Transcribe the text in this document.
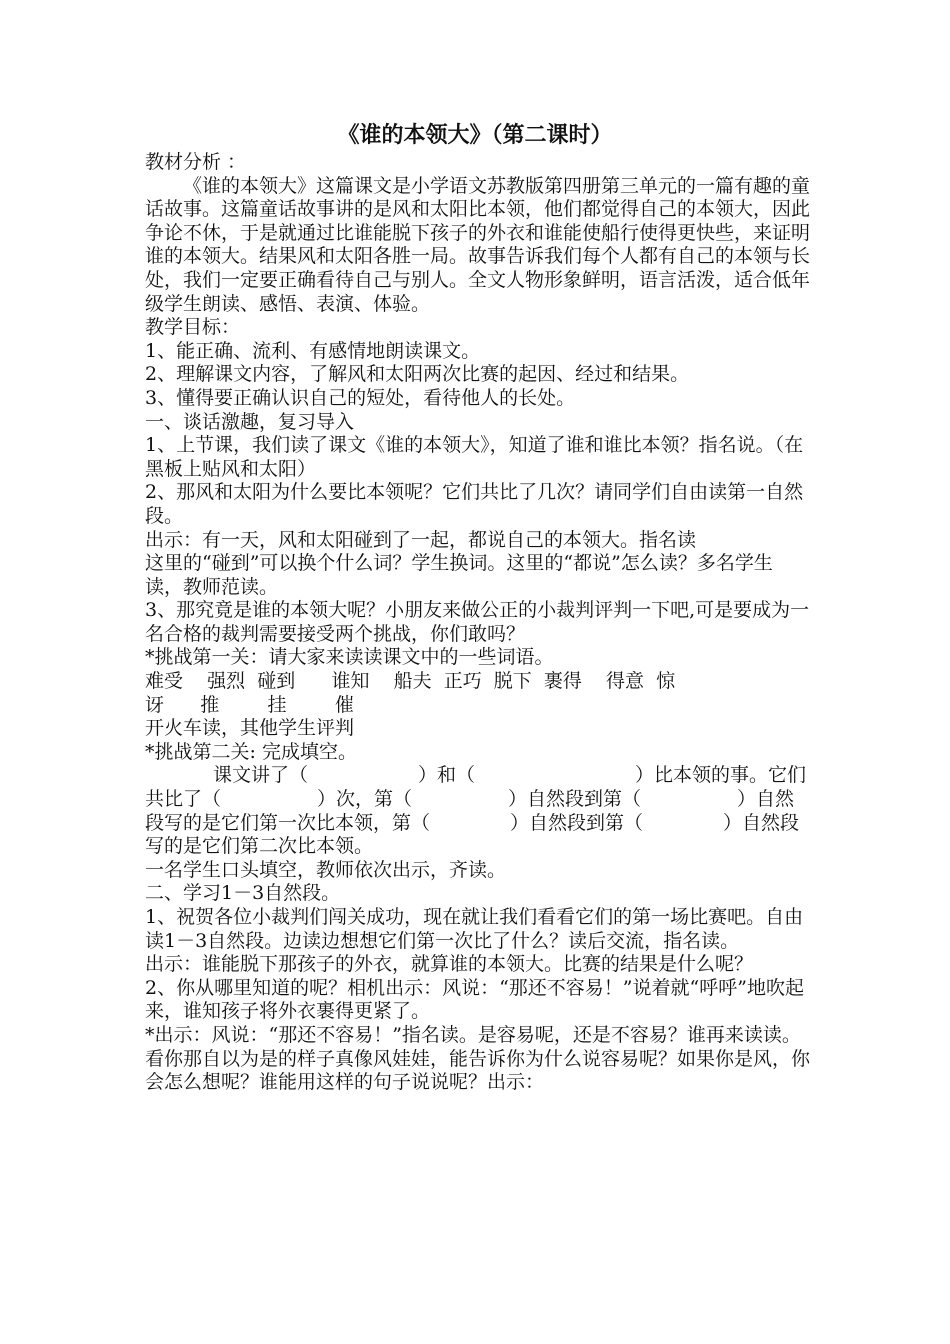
《谁的本领大》（第二课时）

教材分析 ：

《谁的本领大》这篇课文是小学语文苏教版第四册第三单元的一篇有趣的童话故事。这篇童话故事讲的是风和太阳比本领，他们都觉得自己的本领大，因此争论不休，于是就通过比谁能脱下孩子的外衣和谁能使船行使得更快些，来证明谁的本领大。结果风和太阳各胜一局。故事告诉我们每个人都有自己的本领与长处，我们一定要正确看待自己与别人。全文人物形象鲜明，语言活泼，适合低年级学生朗读、感悟、表演、体验。

教学目标：

1、能正确、流利、有感情地朗读课文。

2、理解课文内容，了解风和太阳两次比赛的起因、经过和结果。

3、懂得要正确认识自己的短处，看待他人的长处。

一、谈话激趣，复习导入

1、上节课，我们读了课文《谁的本领大》，知道了谁和谁比本领？指名说。（在黑板上贴风和太阳）

2、那风和太阳为什么要比本领呢？它们共比了几次？请同学们自由读第一自然段。

出示：有一天，风和太阳碰到了一起，都说自己的本领大。指名读

这里的“碰到”可以换个什么词？学生换词。这里的“都说”怎么读？多名学生读，教师范读。

3、那究竟是谁的本领大呢？小朋友来做公正的小裁判评判一下吧,可是要成为一名合格的裁判需要接受两个挑战，你们敢吗？

*挑战第一关：请大家来读读课文中的一些词语。

难受    强烈  碰到      谁知    船夫  正巧  脱下  裹得    得意  惊

讶      推        挂        催

开火车读，其他学生评判

*挑战第二关: 完成填空。

课文讲了（	）和（	）比本领的事。它们共比了（	）次，第（	）自然段到第（	）自然段写的是它们第一次比本领，第（	）自然段到第（	）自然段写的是它们第二次比本领。

一名学生口头填空，教师依次出示，齐读。

二、学习1－3自然段。

1、祝贺各位小裁判们闯关成功，现在就让我们看看它们的第一场比赛吧。自由读1－3自然段。边读边想想它们第一次比了什么？读后交流，指名读。

出示：谁能脱下那孩子的外衣，就算谁的本领大。比赛的结果是什么呢？

2、你从哪里知道的呢？相机出示：风说：“那还不容易！”说着就“呼呼”地吹起来，谁知孩子将外衣裹得更紧了。

*出示：风说：“那还不容易！”指名读。是容易呢，还是不容易？谁再来读读。看你那自以为是的样子真像风娃娃，能告诉你为什么说容易呢？如果你是风，你会怎么想呢？谁能用这样的句子说说呢？出示：
